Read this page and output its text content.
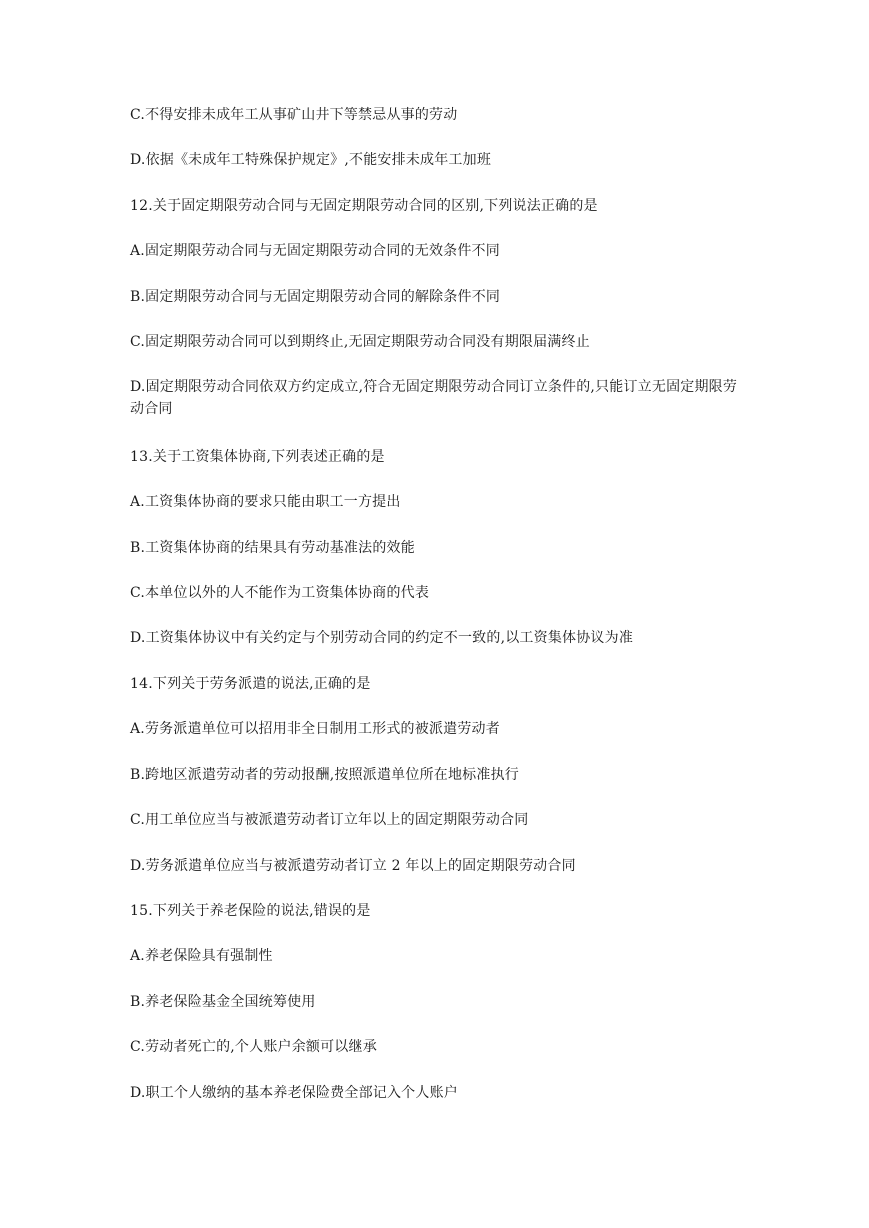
C.不得安排未成年工从事矿山井下等禁忌从事的劳动
D.依据《未成年工特殊保护规定》,不能安排未成年工加班
12.关于固定期限劳动合同与无固定期限劳动合同的区别,下列说法正确的是
A.固定期限劳动合同与无固定期限劳动合同的无效条件不同
B.固定期限劳动合同与无固定期限劳动合同的解除条件不同
C.固定期限劳动合同可以到期终止,无固定期限劳动合同没有期限届满终止
D.固定期限劳动合同依双方约定成立,符合无固定期限劳动合同订立条件的,只能订立无固定期限劳动合同
13.关于工资集体协商,下列表述正确的是
A.工资集体协商的要求只能由职工一方提出
B.工资集体协商的结果具有劳动基准法的效能
C.本单位以外的人不能作为工资集体协商的代表
D.工资集体协议中有关约定与个别劳动合同的约定不一致的,以工资集体协议为准
14.下列关于劳务派遣的说法,正确的是
A.劳务派遣单位可以招用非全日制用工形式的被派遣劳动者
B.跨地区派遣劳动者的劳动报酬,按照派遣单位所在地标准执行
C.用工单位应当与被派遣劳动者订立年以上的固定期限劳动合同
D.劳务派遣单位应当与被派遣劳动者订立 2 年以上的固定期限劳动合同
15.下列关于养老保险的说法,错误的是
A.养老保险具有强制性
B.养老保险基金全国统筹使用
C.劳动者死亡的,个人账户余额可以继承
D.职工个人缴纳的基本养老保险费全部记入个人账户
